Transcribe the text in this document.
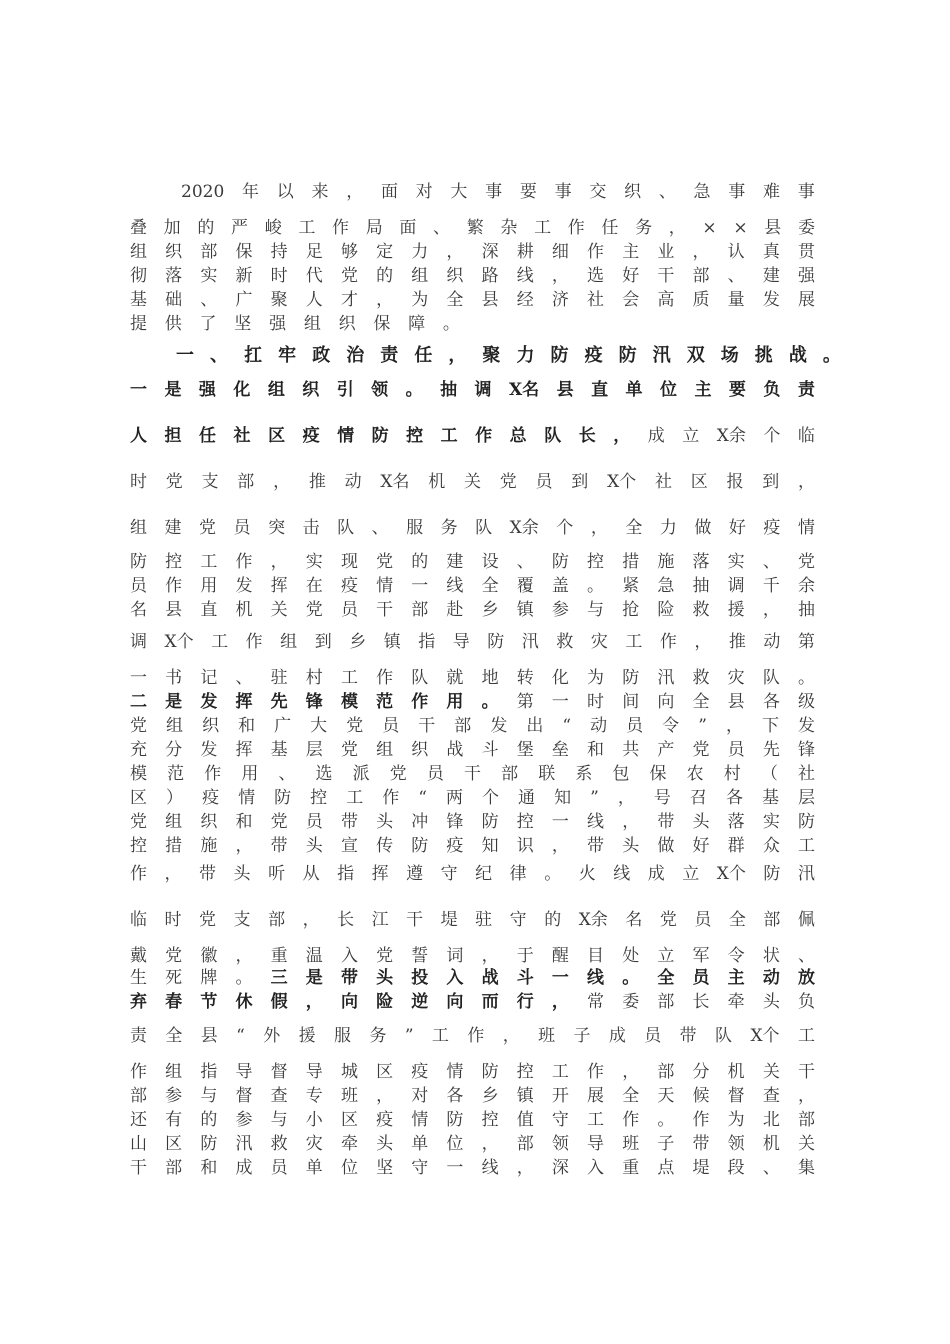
2020 年 以 来 ， 面 对 大 事 要 事 交 织 、 急 事 难 事
叠 加 的 严 峻 工 作 局 面 、 繁 杂 工 作 任 务 ， × × 县 委
组 织 部 保 持 足 够 定 力 ， 深 耕 细 作 主 业 ， 认 真 贯
彻 落 实 新 时 代 党 的 组 织 路 线 ， 选 好 干 部 、 建 强
基 础 、 广 聚 人 才 ， 为 全 县 经 济 社 会 高 质 量 发 展
提 供 了 坚 强 组 织 保 障 。
一 、 扛 牢 政 治 责 任 ， 聚 力 防 疫 防 汛 双 场 挑 战 。
一 是 强 化 组 织 引 领 。 抽 调 X名 县 直 单 位 主 要 负 责
人 担 任 社 区 疫 情 防 控 工 作 总 队 长 ， 成 立 X余 个 临
时 党 支 部 ， 推 动 X名 机 关 党 员 到 X个 社 区 报 到 ，
组 建 党 员 突 击 队 、 服 务 队 X余 个 ， 全 力 做 好 疫 情
防 控 工 作 ， 实 现 党 的 建 设 、 防 控 措 施 落 实 、 党
员 作 用 发 挥 在 疫 情 一 线 全 覆 盖 。 紧 急 抽 调 千 余
名 县 直 机 关 党 员 干 部 赴 乡 镇 参 与 抢 险 救 援 ， 抽
调 X个 工 作 组 到 乡 镇 指 导 防 汛 救 灾 工 作 ， 推 动 第
一 书 记 、 驻 村 工 作 队 就 地 转 化 为 防 汛 救 灾 队 。
二 是 发 挥 先 锋 模 范 作 用 。 第 一 时 间 向 全 县 各 级
党 组 织 和 广 大 党 员 干 部 发 出 “ 动 员 令 ” ， 下 发
充 分 发 挥 基 层 党 组 织 战 斗 堡 垒 和 共 产 党 员 先 锋
模 范 作 用 、 选 派 党 员 干 部 联 系 包 保 农 村 （ 社
区 ） 疫 情 防 控 工 作 “ 两 个 通 知 ” ， 号 召 各 基 层
党 组 织 和 党 员 带 头 冲 锋 防 控 一 线 ， 带 头 落 实 防
控 措 施 ， 带 头 宣 传 防 疫 知 识 ， 带 头 做 好 群 众 工
作 ， 带 头 听 从 指 挥 遵 守 纪 律 。 火 线 成 立 X个 防 汛
临 时 党 支 部 ， 长 江 干 堤 驻 守 的 X余 名 党 员 全 部 佩
戴 党 徽 ， 重 温 入 党 誓 词 ， 于 醒 目 处 立 军 令 状 、
生 死 牌 。 三 是 带 头 投 入 战 斗 一 线 。 全 员 主 动 放
弃 春 节 休 假 ， 向 险 逆 向 而 行 ， 常 委 部 长 牵 头 负
责 全 县 “ 外 援 服 务 ” 工 作 ， 班 子 成 员 带 队 X个 工
作 组 指 导 督 导 城 区 疫 情 防 控 工 作 ， 部 分 机 关 干
部 参 与 督 查 专 班 ， 对 各 乡 镇 开 展 全 天 候 督 查 ，
还 有 的 参 与 小 区 疫 情 防 控 值 守 工 作 。 作 为 北 部
山 区 防 汛 救 灾 牵 头 单 位 ， 部 领 导 班 子 带 领 机 关
干 部 和 成 员 单 位 坚 守 一 线 ， 深 入 重 点 堤 段 、 集
